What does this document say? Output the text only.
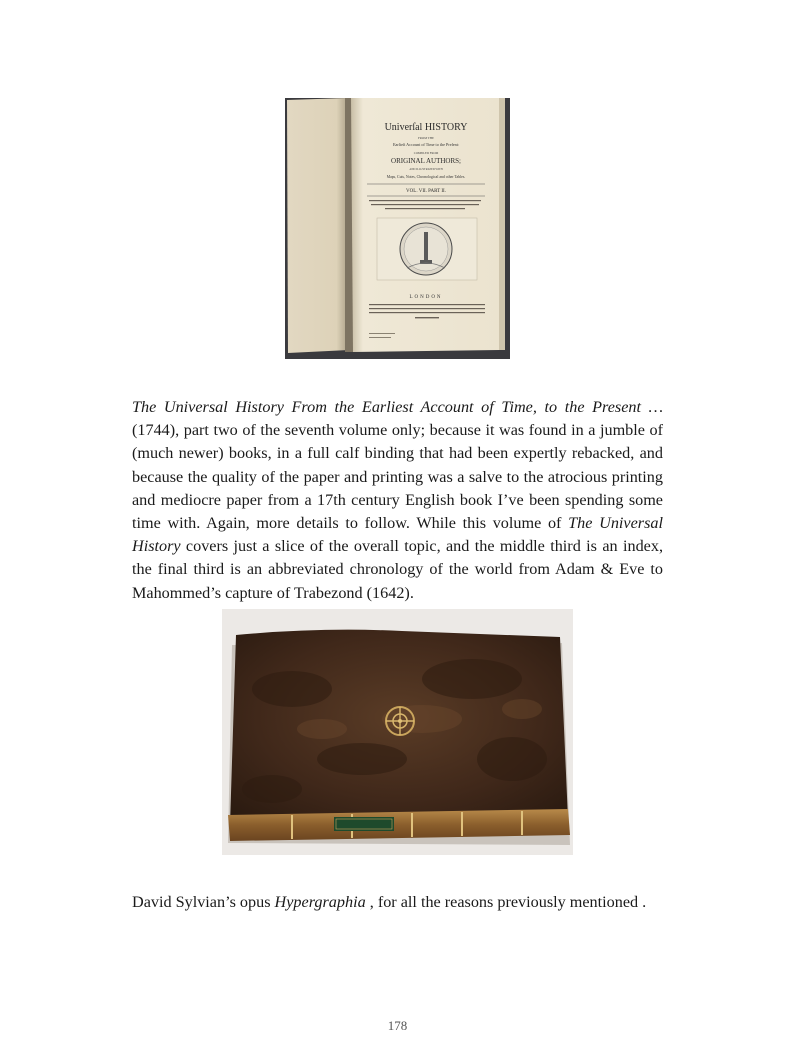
Univerſal HISTORY
FROM THE
Earlieſt Account of Time to the Preſent:
COMPILED FROM
ORIGINAL AUTHORS;
AND ILLUSTRATED WITH
Maps, Cuts, Notes, Chronological and other Tables.
VOL. VII. PART II.
LONDON

The Universal History From the Earliest Account of Time, to the Present … (1744), part two of the seventh volume only; because it was found in a jumble of (much newer) books, in a full calf binding that had been expertly rebacked, and because the quality of the paper and printing was a salve to the atrocious printing and mediocre paper from a 17th century English book I’ve been spending some time with. Again, more details to follow. While this volume of The Universal History covers just a slice of the overall topic, and the middle third is an index, the final third is an abbreviated chronology of the world from Adam & Eve to Mahommed’s capture of Trabezond (1642).

David Sylvian’s opus Hypergraphia , for all the reasons previously mentioned .

178
